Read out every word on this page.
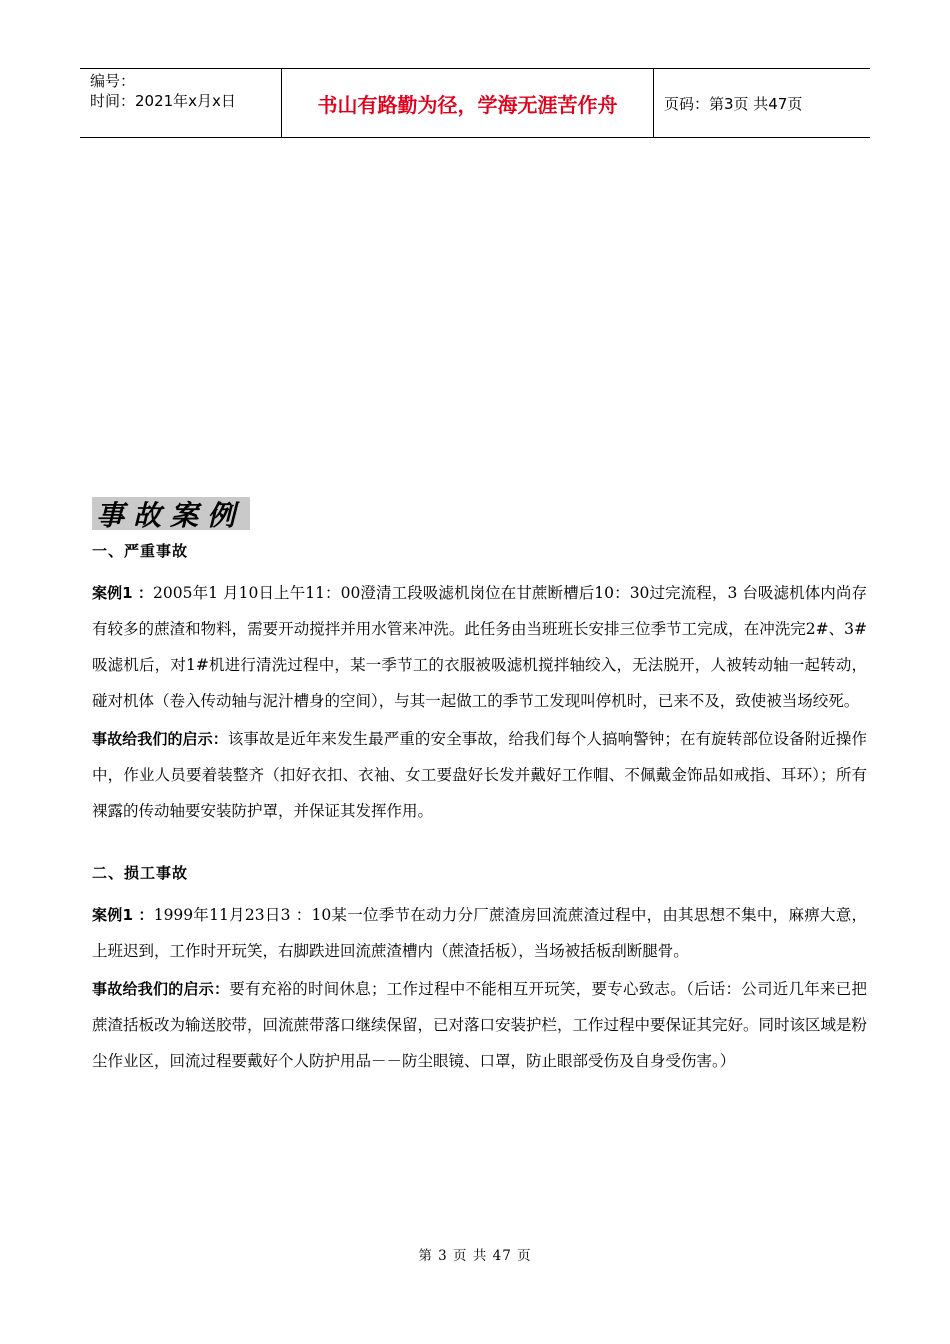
编号：
时间：2021年x月x日	书山有路勤为径，学海无涯苦作舟	页码：第3页 共47页
事故案例

一、严重事故

案例1 ：2005年1 月10日上午11：00澄清工段吸滤机岗位在甘蔗断槽后10：30过完流程，3 台吸滤机体内尚存有较多的蔗渣和物料，需要开动搅拌并用水管来冲洗。此任务由当班班长安排三位季节工完成，在冲洗完2#、3#吸滤机后，对1#机进行清洗过程中，某一季节工的衣服被吸滤机搅拌轴绞入，无法脱开，人被转动轴一起转动，碰对机体（卷入传动轴与泥汁槽身的空间），与其一起做工的季节工发现叫停机时，已来不及，致使被当场绞死。

事故给我们的启示：该事故是近年来发生最严重的安全事故，给我们每个人搞响警钟；在有旋转部位设备附近操作中，作业人员要着装整齐（扣好衣扣、衣袖、女工要盘好长发并戴好工作帽、不佩戴金饰品如戒指、耳环）；所有裸露的传动轴要安装防护罩，并保证其发挥作用。

二、损工事故

案例1 ：1999年11月23日3 ：10某一位季节在动力分厂蔗渣房回流蔗渣过程中，由其思想不集中，麻痹大意，上班迟到，工作时开玩笑，右脚跌进回流蔗渣槽内（蔗渣括板），当场被括板刮断腿骨。

事故给我们的启示：要有充裕的时间休息；工作过程中不能相互开玩笑，要专心致志。（后话：公司近几年来已把蔗渣括板改为输送胶带，回流蔗带落口继续保留，已对落口安装护栏，工作过程中要保证其完好。同时该区域是粉尘作业区，回流过程要戴好个人防护用品－－防尘眼镜、口罩，防止眼部受伤及自身受伤害。）

第 3 页 共 47 页
